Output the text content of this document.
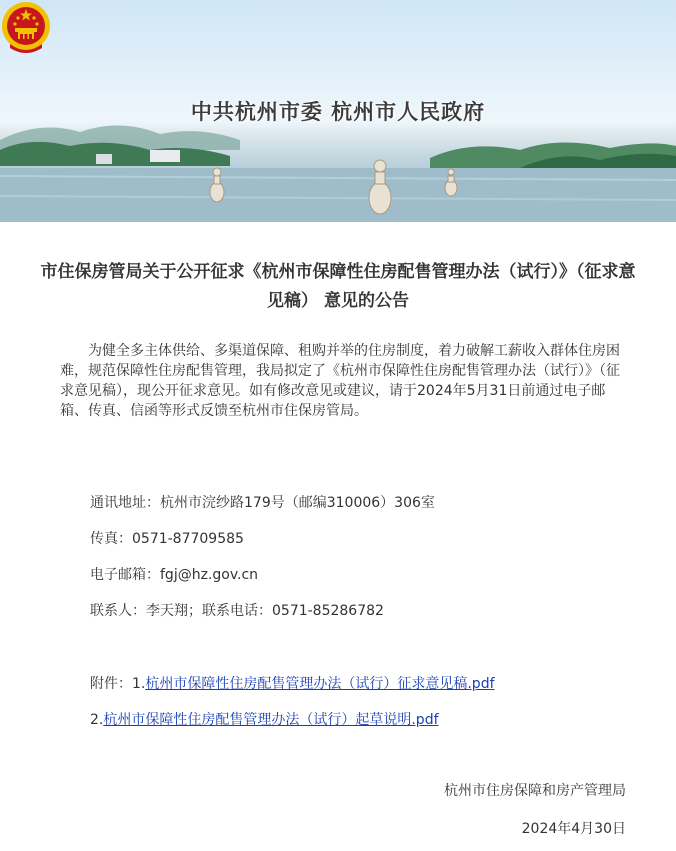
中共杭州市委 杭州市人民政府
市住保房管局关于公开征求《杭州市保障性住房配售管理办法（试行）》（征求意见稿） 意见的公告
为健全多主体供给、多渠道保障、租购并举的住房制度，着力破解工薪收入群体住房困难，规范保障性住房配售管理，我局拟定了《杭州市保障性住房配售管理办法（试行）》（征求意见稿），现公开征求意见。如有修改意见或建议，请于2024年5月31日前通过电子邮箱、传真、信函等形式反馈至杭州市住保房管局。
通讯地址：杭州市浣纱路179号（邮编310006）306室
传真：0571-87709585
电子邮箱：fgj@hz.gov.cn
联系人：李天翔；联系电话：0571-85286782
附件：1.杭州市保障性住房配售管理办法（试行）征求意见稿.pdf
2.杭州市保障性住房配售管理办法（试行）起草说明.pdf
杭州市住房保障和房产管理局
2024年4月30日
